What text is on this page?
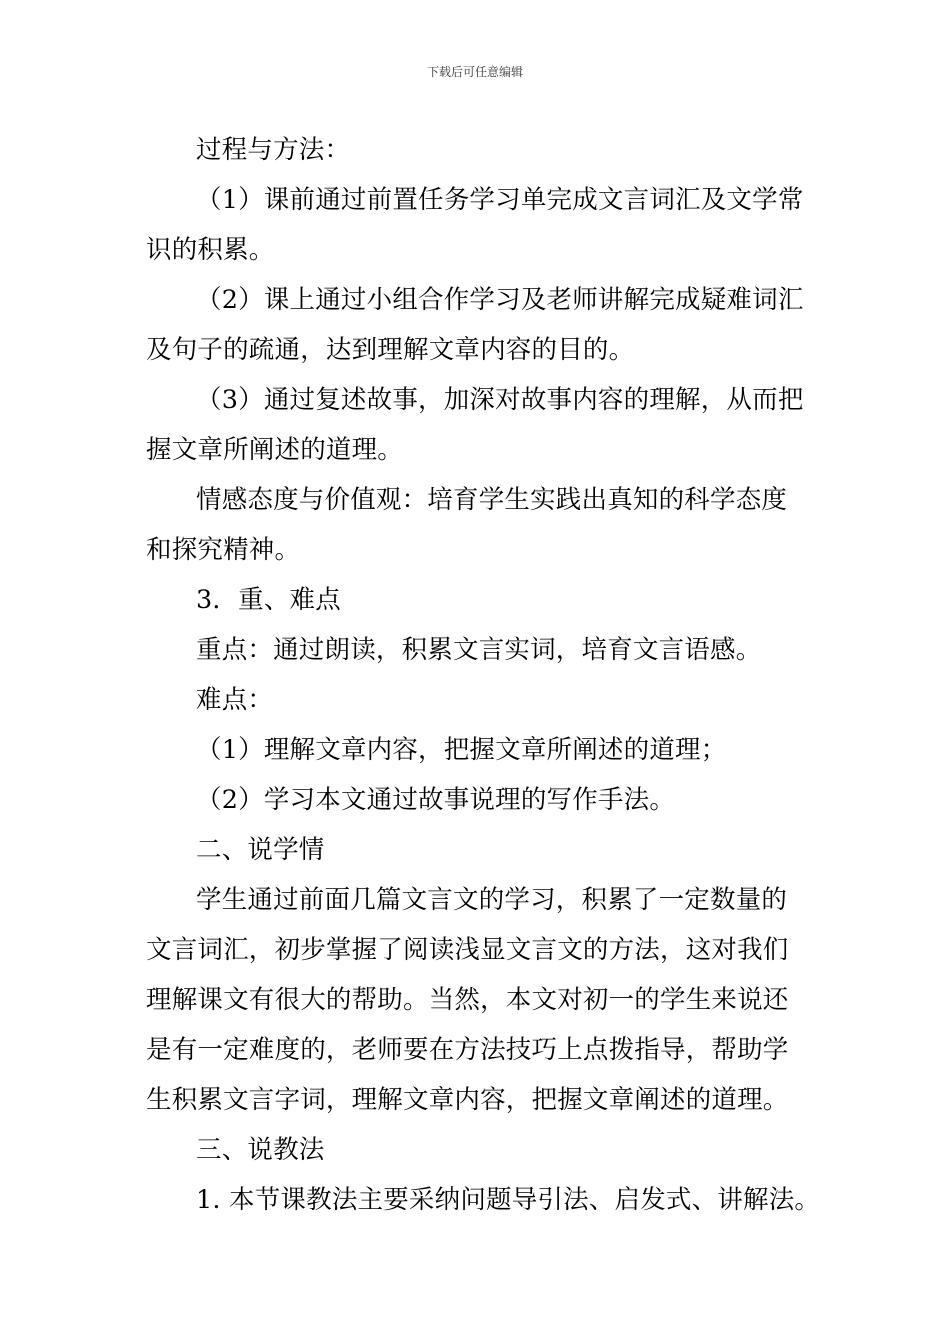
下载后可任意编辑
过程与方法：
（1）课前通过前置任务学习单完成文言词汇及文学常
识的积累。
（2）课上通过小组合作学习及老师讲解完成疑难词汇
及句子的疏通，达到理解文章内容的目的。
（3）通过复述故事，加深对故事内容的理解，从而把
握文章所阐述的道理。
情感态度与价值观：培育学生实践出真知的科学态度
和探究精神。
3．重、难点
重点：通过朗读，积累文言实词，培育文言语感。
难点：
（1）理解文章内容，把握文章所阐述的道理；
（2）学习本文通过故事说理的写作手法。
二、说学情
学生通过前面几篇文言文的学习，积累了一定数量的
文言词汇，初步掌握了阅读浅显文言文的方法，这对我们
理解课文有很大的帮助。当然，本文对初一的学生来说还
是有一定难度的，老师要在方法技巧上点拨指导，帮助学
生积累文言字词，理解文章内容，把握文章阐述的道理。
三、说教法
1. 本节课教法主要采纳问题导引法、启发式、讲解法。
